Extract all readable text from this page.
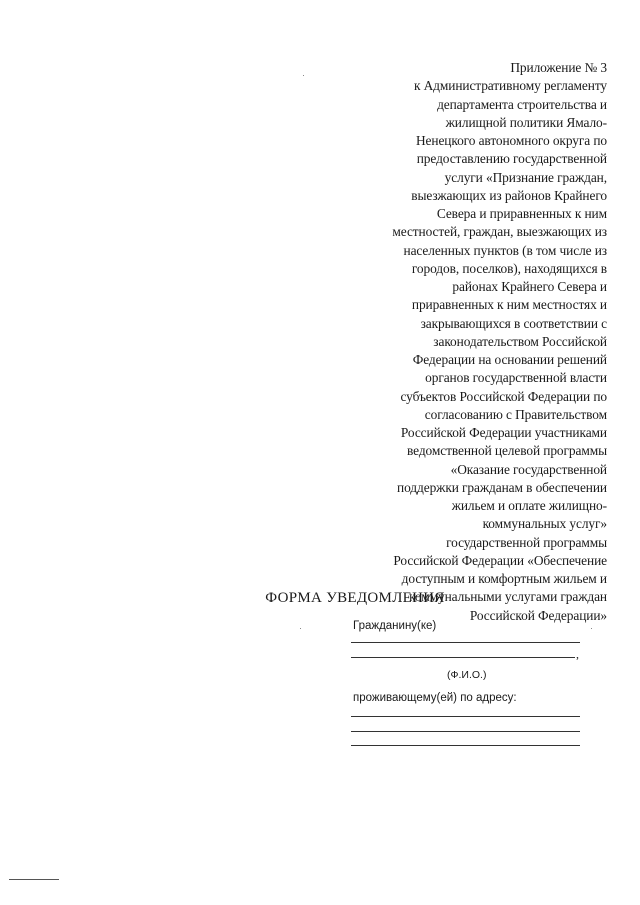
Приложение № 3
к Административному регламенту
департамента строительства и
жилищной политики Ямало-
Ненецкого автономного округа по
предоставлению государственной
услуги «Признание граждан,
выезжающих из районов Крайнего
Севера и приравненных к ним
местностей, граждан, выезжающих из
населенных пунктов (в том числе из
городов, поселков), находящихся в
районах Крайнего Севера и
приравненных к ним местностях и
закрывающихся в соответствии с
законодательством Российской
Федерации на основании решений
органов государственной власти
субъектов Российской Федерации по
согласованию с Правительством
Российской Федерации участниками
ведомственной целевой программы
«Оказание государственной
поддержки гражданам в обеспечении
жильем и оплате жилищно-
коммунальных услуг»
государственной программы
Российской Федерации «Обеспечение
доступным и комфортным жильем и
коммунальными услугами граждан
Российской Федерации»
ФОРМА УВЕДОМЛЕНИЯ
Гражданину(ке)
,
(Ф.И.О.)
проживающему(ей) по адресу:
